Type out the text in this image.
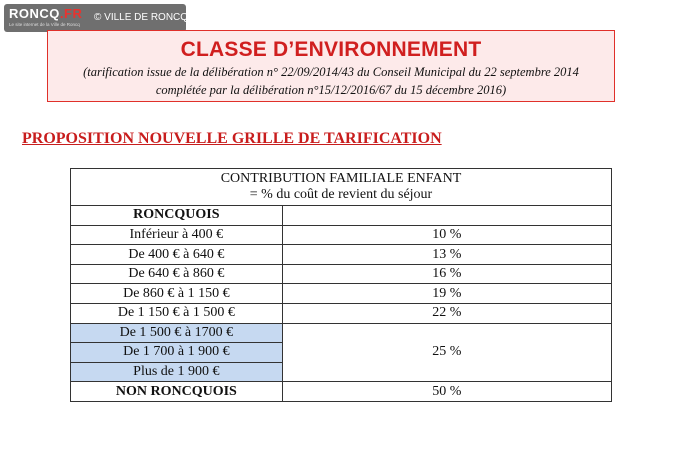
RONCQ.FR
Le site internet de la Ville de Roncq
© VILLE DE RONCQ
CLASSE D’ENVIRONNEMENT
(tarification issue de la délibération n° 22/09/2014/43 du Conseil Municipal du 22 septembre 2014
complétée par la délibération n°15/12/2016/67 du 15 décembre 2016)
PROPOSITION NOUVELLE GRILLE DE TARIFICATION
CONTRIBUTION FAMILIALE ENFANT
= % du coût de revient du séjour	

RONCQUOIS	
Inférieur à 400 €	10 %
De 400 € à 640 €	13 %
De 640 € à 860 €	16 %
De 860 € à 1 150 €	19 %
De 1 150 € à 1 500 €	22 %
De 1 500 € à 1700 €	25 %
De 1 700 à 1 900 €	
Plus de 1 900 €	
NON RONCQUOIS	50 %
